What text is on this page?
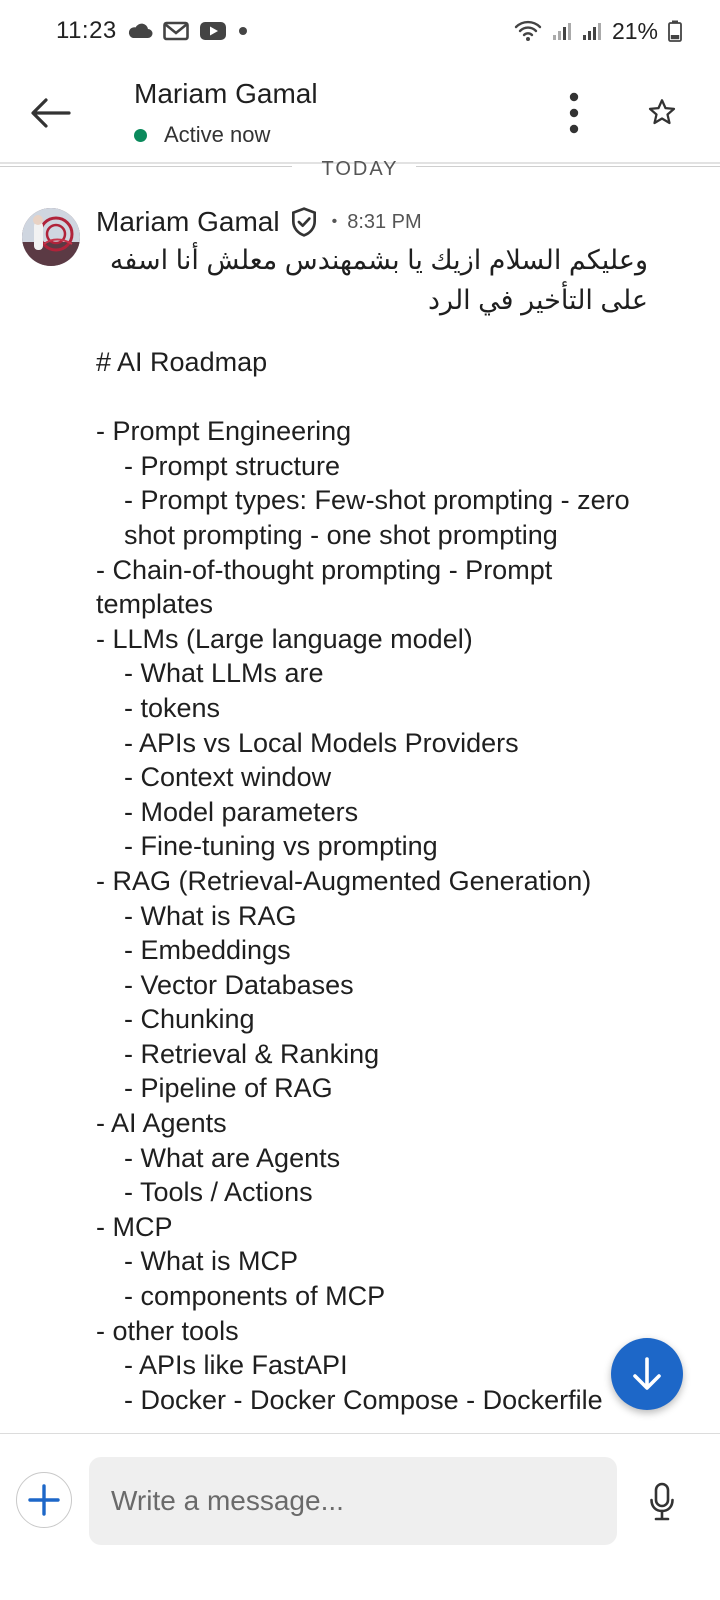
11:23	21%
Mariam Gamal
Active now
TODAY
Mariam Gamal	• 8:31 PM
وعليكم السلام ازيك يا بشمهندس معلش أنا اسفه على التأخير في الرد
# AI Roadmap
- Prompt Engineering
- Prompt structure
- Prompt types: Few-shot prompting - zero shot prompting - one shot prompting
- Chain-of-thought prompting - Prompt templates
- LLMs (Large language model)
- What LLMs are
- tokens
- APIs vs Local Models Providers
- Context window
- Model parameters
- Fine-tuning vs prompting
- RAG (Retrieval-Augmented Generation)
- What is RAG
- Embeddings
- Vector Databases
- Chunking
- Retrieval & Ranking
- Pipeline of RAG
- AI Agents
- What are Agents
- Tools / Actions
- MCP
- What is MCP
- components of MCP
- other tools
- APIs like FastAPI
- Docker - Docker Compose - Dockerfile
Write a message...
